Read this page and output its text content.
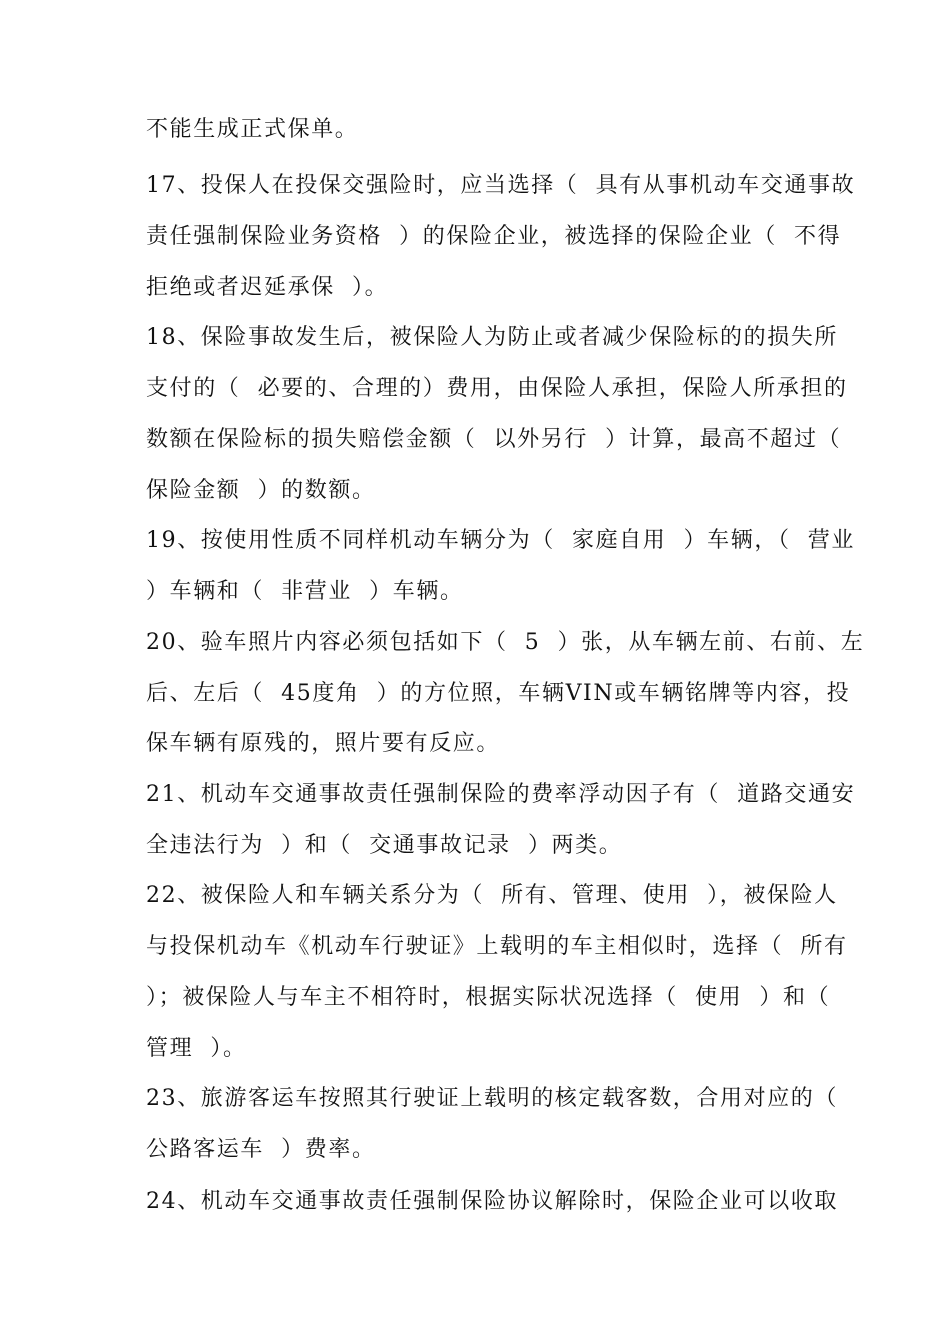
不能生成正式保单。
17、投保人在投保交强险时，应当选择（  具有从事机动车交通事故
责任强制保险业务资格  ）的保险企业，被选择的保险企业（  不得
拒绝或者迟延承保  ）。
18、保险事故发生后，被保险人为防止或者减少保险标的的损失所
支付的（  必要的、合理的）费用，由保险人承担，保险人所承担的
数额在保险标的损失赔偿金额（  以外另行  ）计算，最高不超过（
保险金额  ）的数额。
19、按使用性质不同样机动车辆分为（  家庭自用  ）车辆，（  营业
）车辆和（  非营业  ）车辆。
20、验车照片内容必须包括如下（  5  ）张，从车辆左前、右前、左
后、左后（  45度角  ）的方位照，车辆VIN或车辆铭牌等内容，投
保车辆有原残的，照片要有反应。
21、机动车交通事故责任强制保险的费率浮动因子有（  道路交通安
全违法行为  ）和（  交通事故记录  ）两类。
22、被保险人和车辆关系分为（  所有、管理、使用  ），被保险人
与投保机动车《机动车行驶证》上载明的车主相似时，选择（  所有
）；被保险人与车主不相符时，根据实际状况选择（  使用  ）和（
管理  ）。
23、旅游客运车按照其行驶证上载明的核定载客数，合用对应的（
公路客运车  ）费率。
24、机动车交通事故责任强制保险协议解除时，保险企业可以收取
